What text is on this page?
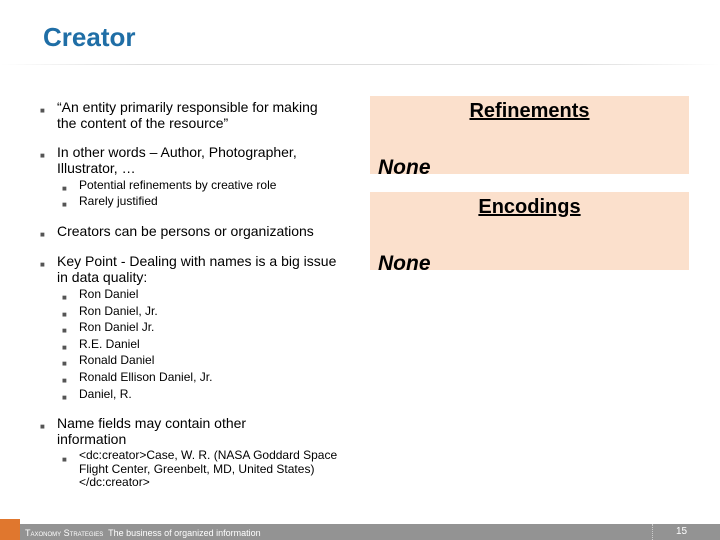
Creator
■ “An entity primarily responsible for making the content of the resource”
■ In other words – Author, Photographer, Illustrator, …
■	Potential refinements by creative role
■	Rarely justified
■ Creators can be persons or organizations
■ Key Point - Dealing with names is a big issue in data quality:
■	Ron Daniel
■	Ron Daniel, Jr.
■	Ron Daniel Jr.
■	R.E. Daniel
■	Ronald Daniel
■	Ronald Ellison Daniel, Jr.
■	Daniel, R.
■ Name fields may contain other information
■	<dc:creator>Case, W. R. (NASA Goddard Space Flight Center, Greenbelt, MD, United States)</dc:creator>
Refinements
None
Encodings
None
Taxonomy Strategies The business of organized information	15
